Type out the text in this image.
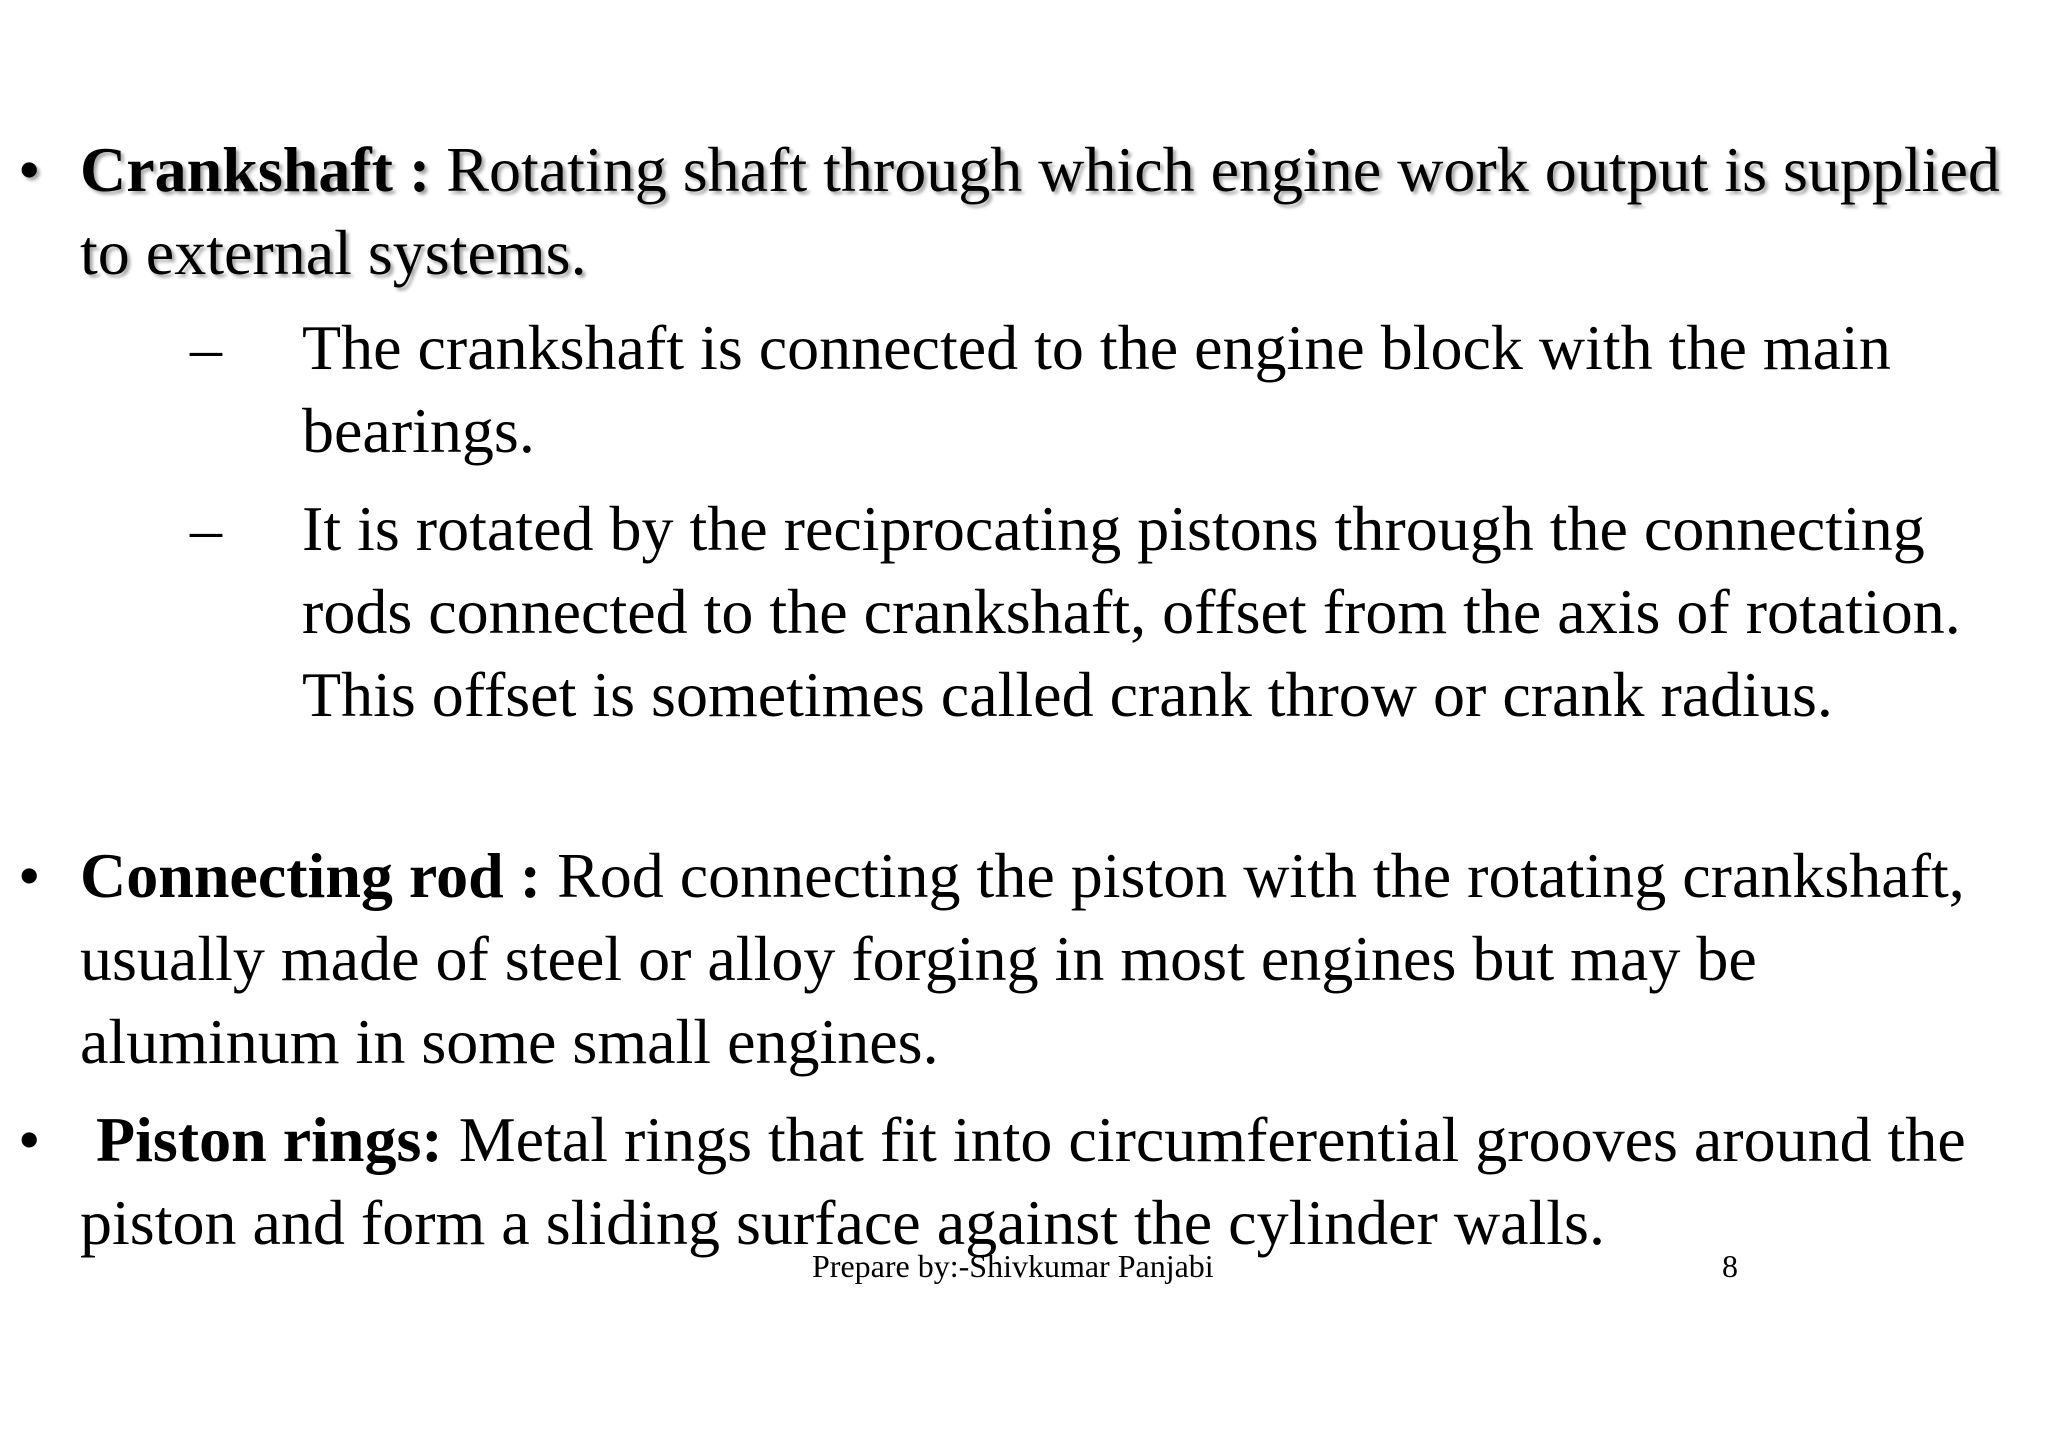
• Crankshaft : Rotating shaft through which engine work output is supplied to external systems.
– The crankshaft is connected to the engine block with the main bearings.
– It is rotated by the reciprocating pistons through the connecting rods connected to the crankshaft, offset from the axis of rotation. This offset is sometimes called crank throw or crank radius.
• Connecting rod : Rod connecting the piston with the rotating crankshaft, usually made of steel or alloy forging in most engines but may be aluminum in some small engines.
• Piston rings: Metal rings that fit into circumferential grooves around the piston and form a sliding surface against the cylinder walls.
Prepare by:-Shivkumar Panjabi	8
